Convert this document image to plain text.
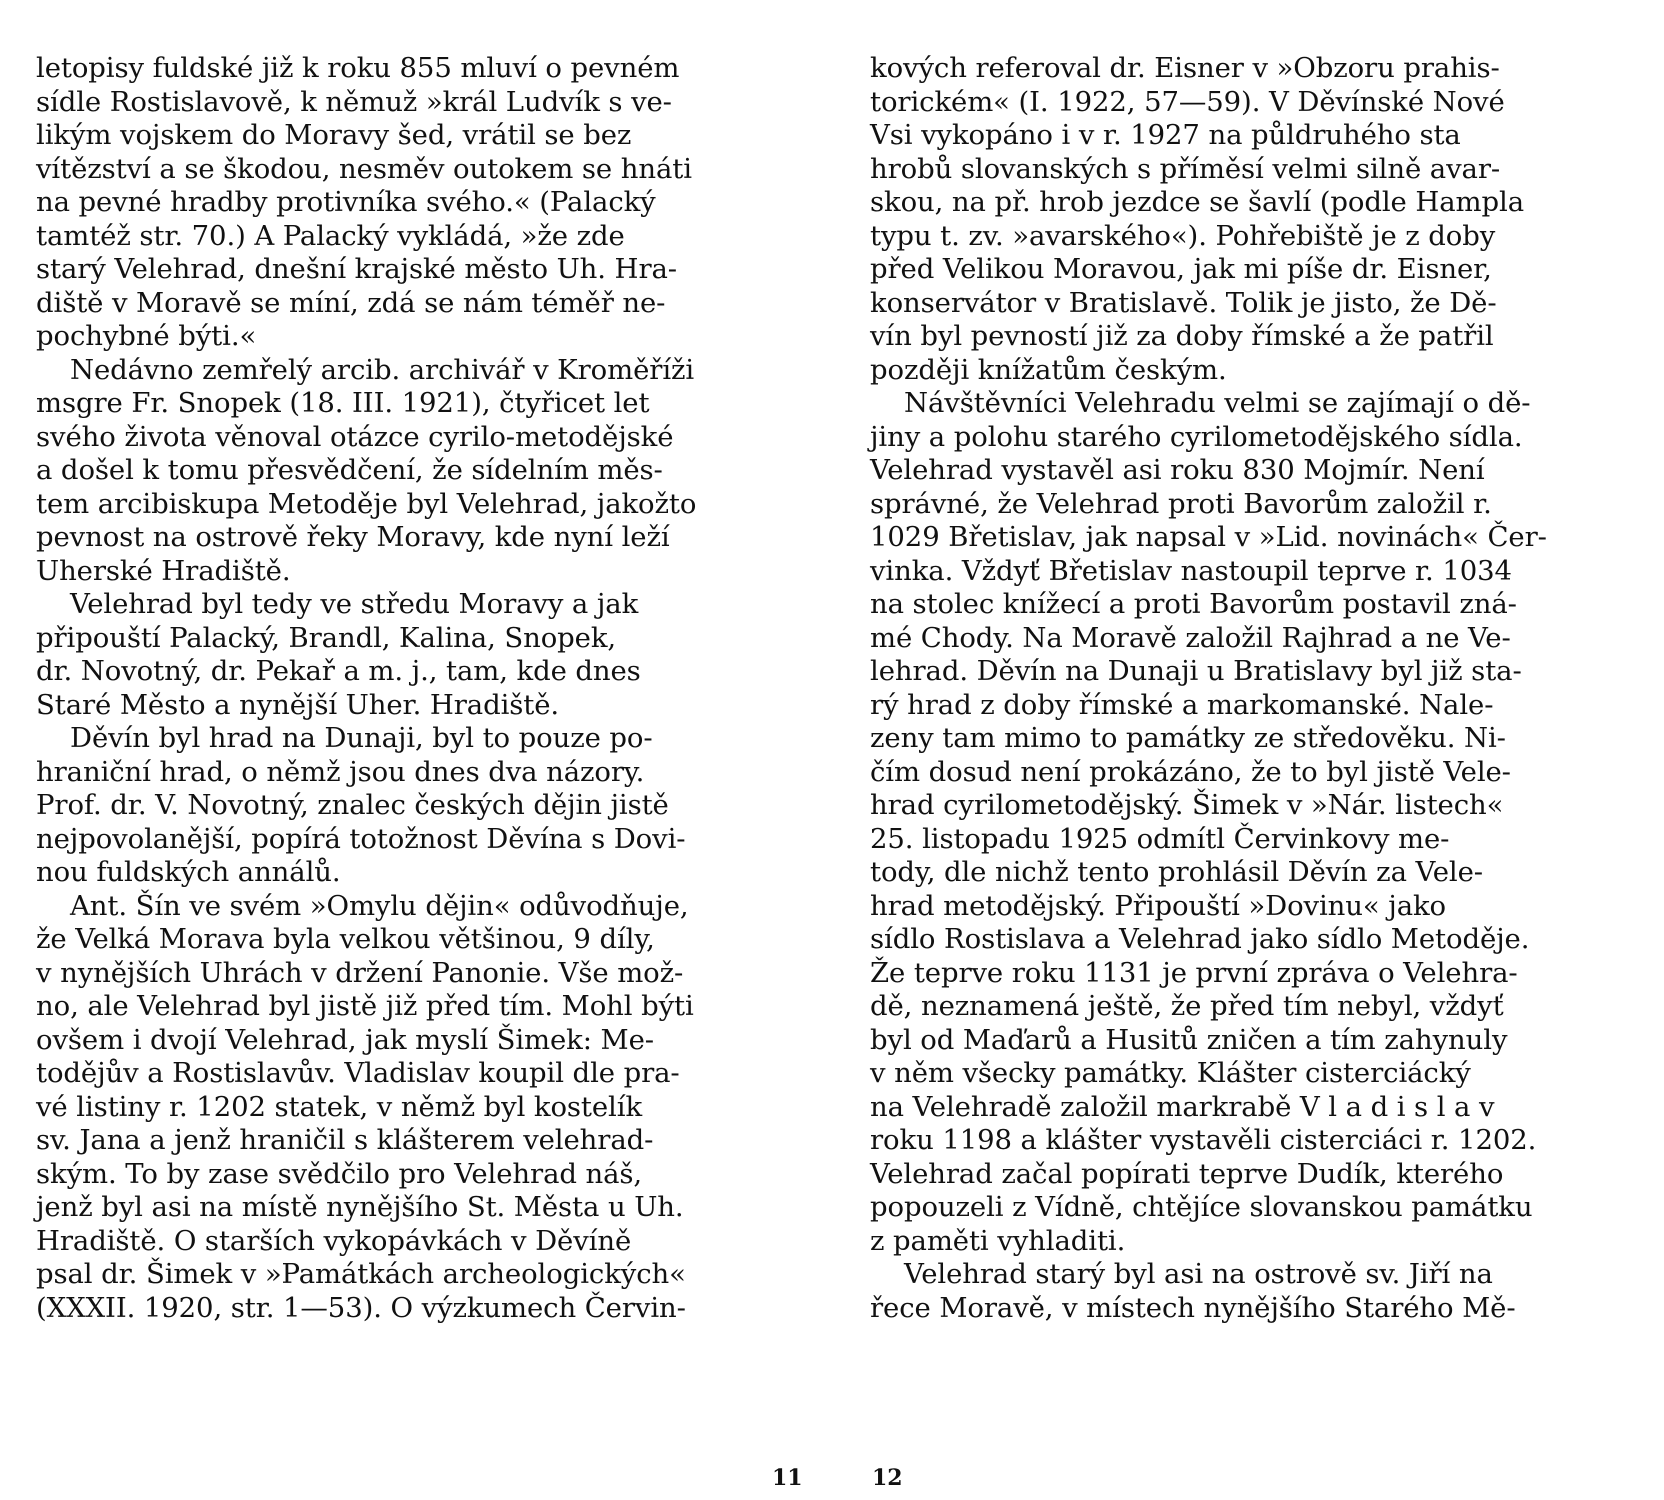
letopisy fuldské již k roku 855 mluví o pevném
sídle Rostislavově, k němuž »král Ludvík s ve-
likým vojskem do Moravy šed, vrátil se bez
vítězství a se škodou, nesměv outokem se hnáti
na pevné hradby protivníka svého.« (Palacký
tamtéž str. 70.) A Palacký vykládá, »že zde
starý Velehrad, dnešní krajské město Uh. Hra-
diště v Moravě se míní, zdá se nám téměř ne-
pochybné býti.«

Nedávno zemřelý arcib. archivář v Kroměříži
msgre Fr. Snopek (18. III. 1921), čtyřicet let
svého života věnoval otázce cyrilo-metodějské
a došel k tomu přesvědčení, že sídelním měs-
tem arcibiskupa Metoděje byl Velehrad, jakožto
pevnost na ostrově řeky Moravy, kde nyní leží
Uherské Hradiště.

Velehrad byl tedy ve středu Moravy a jak
připouští Palacký, Brandl, Kalina, Snopek,
dr. Novotný, dr. Pekař a m. j., tam, kde dnes
Staré Město a nynější Uher. Hradiště.

Děvín byl hrad na Dunaji, byl to pouze po-
hraniční hrad, o němž jsou dnes dva názory.
Prof. dr. V. Novotný, znalec českých dějin jistě
nejpovolanější, popírá totožnost Děvína s Dovi-
nou fuldských annálů.

Ant. Šín ve svém »Omylu dějin« odůvodňuje,
že Velká Morava byla velkou většinou, 9 díly,
v nynějších Uhrách v držení Panonie. Vše mož-
no, ale Velehrad byl jistě již před tím. Mohl býti
ovšem i dvojí Velehrad, jak myslí Šimek: Me-
todějův a Rostislavův. Vladislav koupil dle pra-
vé listiny r. 1202 statek, v němž byl kostelík
sv. Jana a jenž hraničil s klášterem velehrad-
ským. To by zase svědčilo pro Velehrad náš,
jenž byl asi na místě nynějšího St. Města u Uh.
Hradiště. O starších vykopávkách v Děvíně
psal dr. Šimek v »Památkách archeologických«
(XXXII. 1920, str. 1—53). O výzkumech Červin-

11

kových referoval dr. Eisner v »Obzoru prahis-
torickém« (I. 1922, 57—59). V Děvínské Nové
Vsi vykopáno i v r. 1927 na půldruhého sta
hrobů slovanských s příměsí velmi silně avar-
skou, na př. hrob jezdce se šavlí (podle Hampla
typu t. zv. »avarského«). Pohřebiště je z doby
před Velikou Moravou, jak mi píše dr. Eisner,
konservátor v Bratislavě. Tolik je jisto, že Dě-
vín byl pevností již za doby římské a že patřil
později knížatům českým.

Návštěvníci Velehradu velmi se zajímají o dě-
jiny a polohu starého cyrilometodějského sídla.
Velehrad vystavěl asi roku 830 Mojmír. Není
správné, že Velehrad proti Bavorům založil r.
1029 Břetislav, jak napsal v »Lid. novinách« Čer-
vinka. Vždyť Břetislav nastoupil teprve r. 1034
na stolec knížecí a proti Bavorům postavil zná-
mé Chody. Na Moravě založil Rajhrad a ne Ve-
lehrad. Děvín na Dunaji u Bratislavy byl již sta-
rý hrad z doby římské a markomanské. Nale-
zeny tam mimo to památky ze středověku. Ni-
čím dosud není prokázáno, že to byl jistě Vele-
hrad cyrilometodějský. Šimek v »Nár. listech«
25. listopadu 1925 odmítl Červinkovy me-
tody, dle nichž tento prohlásil Děvín za Vele-
hrad metodějský. Připouští »Dovinu« jako
sídlo Rostislava a Velehrad jako sídlo Metoděje.
Že teprve roku 1131 je první zpráva o Velehra-
dě, neznamená ještě, že před tím nebyl, vždyť
byl od Maďarů a Husitů zničen a tím zahynuly
v něm všecky památky. Klášter cisterciácký
na Velehradě založil markrabě V l a d i s l a v
roku 1198 a klášter vystavěli cisterciáci r. 1202.
Velehrad začal popírati teprve Dudík, kterého
popouzeli z Vídně, chtějíce slovanskou památku
z paměti vyhladiti.

Velehrad starý byl asi na ostrově sv. Jiří na
řece Moravě, v místech nynějšího Starého Mě-

12
